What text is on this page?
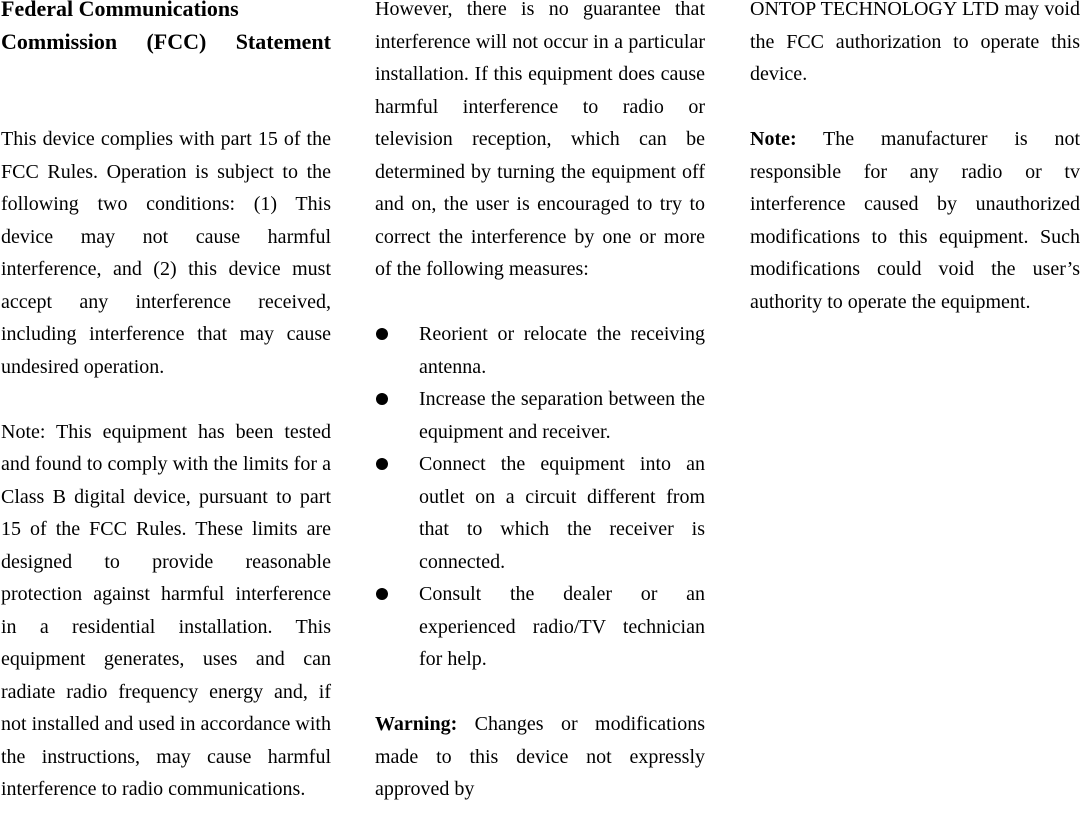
Federal Communications
Commission (FCC) Statement

This device complies with part 15 of the FCC Rules. Operation is subject to the following two conditions: (1) This device may not cause harmful interference, and (2) this device must accept any interference received, including interference that may cause undesired operation.

Note: This equipment has been tested and found to comply with the limits for a Class B digital device, pursuant to part 15 of the FCC Rules. These limits are designed to provide reasonable protection against harmful interference in a residential installation. This equipment generates, uses and can radiate radio frequency energy and, if not installed and used in accordance with the instructions, may cause harmful interference to radio communications.

However, there is no guarantee that interference will not occur in a particular installation. If this equipment does cause harmful interference to radio or television reception, which can be determined by turning the equipment off and on, the user is encouraged to try to correct the interference by one or more of the following measures:

Reorient or relocate the receiving antenna.
Increase the separation between the equipment and receiver.
Connect the equipment into an outlet on a circuit different from that to which the receiver is connected.
Consult the dealer or an experienced radio/TV technician for help.

Warning: Changes or modifications made to this device not expressly approved by

ONTOP TECHNOLOGY LTD may void the FCC authorization to operate this device.

Note: The manufacturer is not responsible for any radio or tv interference caused by unauthorized modifications to this equipment. Such modifications could void the user’s authority to operate the equipment.
